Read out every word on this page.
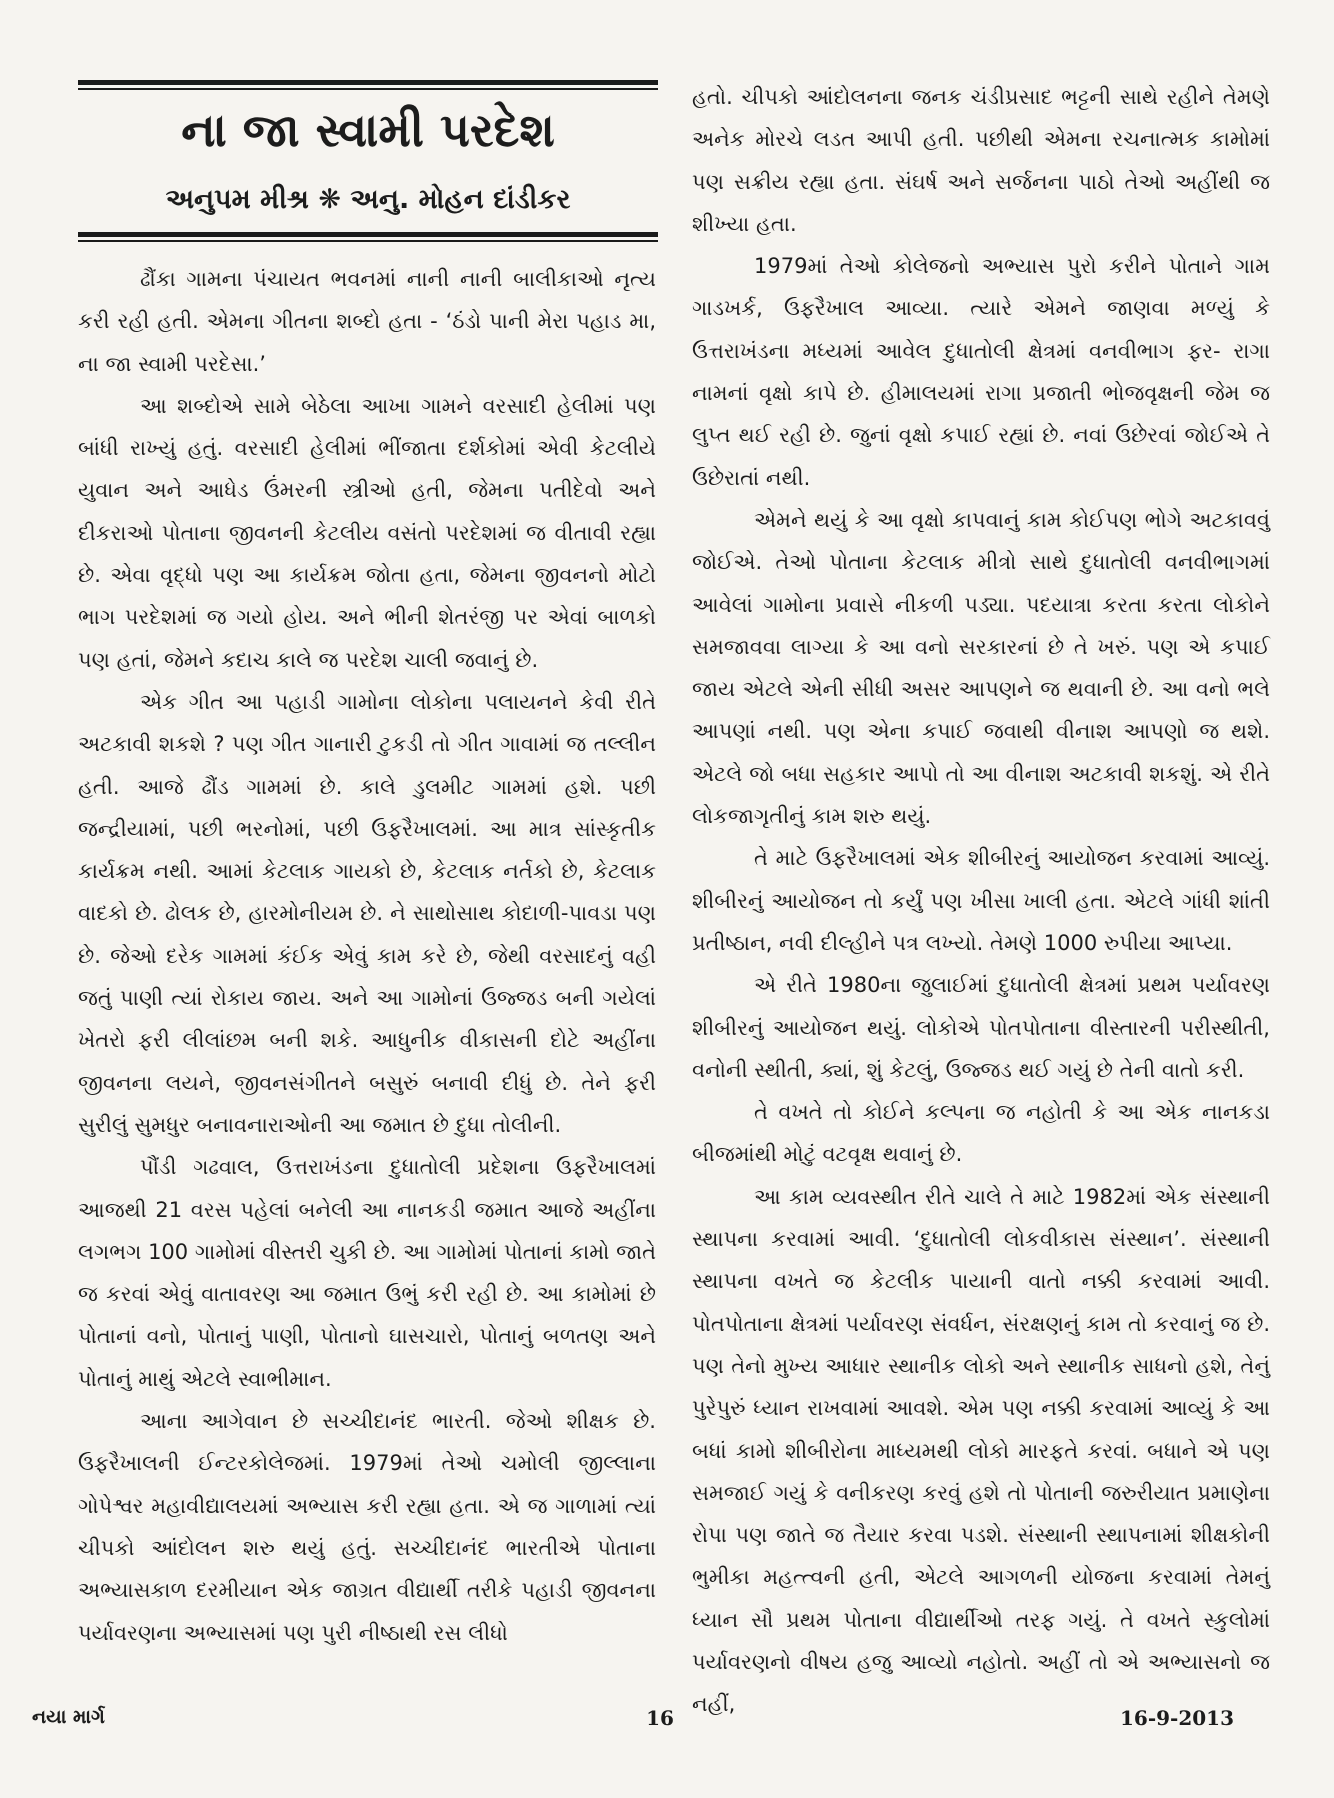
ના જા સ્વામી પરદેશ
અનુપમ મીશ્ર ❋ અનુ. મોહન દાંડીકર

ઢૌંકા ગામના પંચાયત ભવનમાં નાની નાની બાલીકાઓ નૃત્ય કરી રહી હતી. એમના ગીતના શબ્દો હતા - ‘ઠંડો પાની મેરા પહાડ મા, ના જા સ્વામી પરદેસા.’

આ શબ્દોએ સામે બેઠેલા આખા ગામને વરસાદી હેલીમાં પણ બાંધી રાખ્યું હતું. વરસાદી હેલીમાં ભીંજાતા દર્શકોમાં એવી કેટલીયે યુવાન અને આધેડ ઉંમરની સ્ત્રીઓ હતી, જેમના પતીદેવો અને દીકરાઓ પોતાના જીવનની કેટલીય વસંતો પરદેશમાં જ વીતાવી રહ્યા છે. એવા વૃદ્ધો પણ આ કાર્યક્રમ જોતા હતા, જેમના જીવનનો મોટો ભાગ પરદેશમાં જ ગયો હોય. અને ભીની શેતરંજી પર એવાં બાળકો પણ હતાં, જેમને કદાચ કાલે જ પરદેશ ચાલી જવાનું છે.

એક ગીત આ પહાડી ગામોના લોકોના પલાયનને કેવી રીતે અટકાવી શકશે ? પણ ગીત ગાનારી ટુકડી તો ગીત ગાવામાં જ તલ્લીન હતી. આજે ઢૌંડ ગામમાં છે. કાલે ડુલમીટ ગામમાં હશે. પછી જન્દ્રીયામાં, પછી ભરનોમાં, પછી ઉફરૈખાલમાં. આ માત્ર સાંસ્કૃતીક કાર્યક્રમ નથી. આમાં કેટલાક ગાયકો છે, કેટલાક નર્તકો છે, કેટલાક વાદકો છે. ઢોલક છે, હારમોનીયમ છે. ને સાથોસાથ કોદાળી-પાવડા પણ છે. જેઓ દરેક ગામમાં કંઈક એવું કામ કરે છે, જેથી વરસાદનું વહી જતું પાણી ત્યાં રોકાય જાય. અને આ ગામોનાં ઉજ્જડ બની ગયેલાં ખેતરો ફરી લીલાંછમ બની શકે. આધુનીક વીકાસની દોટે અહીંના જીવનના લયને, જીવનસંગીતને બસુરું બનાવી દીધું છે. તેને ફરી સુરીલું સુમધુર બનાવનારાઓની આ જમાત છે દુધા તોલીની.

પૌંડી ગઢવાલ, ઉત્તરાખંડના દુધાતોલી પ્રદેશના ઉફરૈખાલમાં આજથી 21 વરસ પહેલાં બનેલી આ નાનકડી જમાત આજે અહીંના લગભગ 100 ગામોમાં વીસ્તરી ચુકી છે. આ ગામોમાં પોતાનાં કામો જાતે જ કરવાં એવું વાતાવરણ આ જમાત ઉભું કરી રહી છે. આ કામોમાં છે પોતાનાં વનો, પોતાનું પાણી, પોતાનો ઘાસચારો, પોતાનું બળતણ અને પોતાનું માથું એટલે સ્વાભીમાન.

આના આગેવાન છે સચ્ચીદાનંદ ભારતી. જેઓ શીક્ષક છે. ઉફરૈખાલની ઈન્ટરકોલેજમાં. 1979માં તેઓ ચમોલી જીલ્લાના ગોપેશ્વર મહાવીદ્યાલયમાં અભ્યાસ કરી રહ્યા હતા. એ જ ગાળામાં ત્યાં ચીપકો આંદોલન શરુ થયું હતું. સચ્ચીદાનંદ ભારતીએ પોતાના અભ્યાસકાળ દરમીયાન એક જાગ્રત વીદ્યાર્થી તરીકે પહાડી જીવનના પર્યાવરણના અભ્યાસમાં પણ પુરી નીષ્ઠાથી રસ લીધો

હતો. ચીપકો આંદોલનના જનક ચંડીપ્રસાદ ભટ્ટની સાથે રહીને તેમણે અનેક મોરચે લડત આપી હતી. પછીથી એમના રચનાત્મક કામોમાં પણ સક્રીય રહ્યા હતા. સંઘર્ષ અને સર્જનના પાઠો તેઓ અહીંથી જ શીખ્યા હતા.

1979માં તેઓ કોલેજનો અભ્યાસ પુરો કરીને પોતાને ગામ ગાડખર્ક, ઉફરૈખાલ આવ્યા. ત્યારે એમને જાણવા મળ્યું કે ઉત્તરાખંડના મધ્યમાં આવેલ દુધાતોલી ક્ષેત્રમાં વનવીભાગ ફર- રાગા નામનાં વૃક્ષો કાપે છે. હીમાલયમાં રાગા પ્રજાતી ભોજવૃક્ષની જેમ જ લુપ્ત થઈ રહી છે. જુનાં વૃક્ષો કપાઈ રહ્યાં છે. નવાં ઉછેરવાં જોઈએ તે ઉછેરાતાં નથી.

એમને થયું કે આ વૃક્ષો કાપવાનું કામ કોઈપણ ભોગે અટકાવવું જોઈએ. તેઓ પોતાના કેટલાક મીત્રો સાથે દુધાતોલી વનવીભાગમાં આવેલાં ગામોના પ્રવાસે નીકળી પડ્યા. પદયાત્રા કરતા કરતા લોકોને સમજાવવા લાગ્યા કે આ વનો સરકારનાં છે તે ખરું. પણ એ કપાઈ જાય એટલે એની સીધી અસર આપણને જ થવાની છે. આ વનો ભલે આપણાં નથી. પણ એના કપાઈ જવાથી વીનાશ આપણો જ થશે. એટલે જો બધા સહકાર આપો તો આ વીનાશ અટકાવી શકશું. એ રીતે લોકજાગૃતીનું કામ શરુ થયું.

તે માટે ઉફરૈખાલમાં એક શીબીરનું આયોજન કરવામાં આવ્યું. શીબીરનું આયોજન તો કર્યું પણ ખીસા ખાલી હતા. એટલે ગાંધી શાંતી પ્રતીષ્ઠાન, નવી દીલ્હીને પત્ર લખ્યો. તેમણે 1000 રુપીયા આપ્યા.

એ રીતે 1980ના જુલાઈમાં દુધાતોલી ક્ષેત્રમાં પ્રથમ પર્યાવરણ શીબીરનું આયોજન થયું. લોકોએ પોતપોતાના વીસ્તારની પરીસ્થીતી, વનોની સ્થીતી, ક્યાં, શું કેટલું, ઉજ્જડ થઈ ગયું છે તેની વાતો કરી.

તે વખતે તો કોઈને કલ્પના જ નહોતી કે આ એક નાનકડા બીજમાંથી મોટું વટવૃક્ષ થવાનું છે.

આ કામ વ્યવસ્થીત રીતે ચાલે તે માટે 1982માં એક સંસ્થાની સ્થાપના કરવામાં આવી. ‘દુધાતોલી લોકવીકાસ સંસ્થાન’. સંસ્થાની સ્થાપના વખતે જ કેટલીક પાયાની વાતો નક્કી કરવામાં આવી. પોતપોતાના ક્ષેત્રમાં પર્યાવરણ સંવર્ધન, સંરક્ષણનું કામ તો કરવાનું જ છે. પણ તેનો મુખ્ય આધાર સ્થાનીક લોકો અને સ્થાનીક સાધનો હશે, તેનું પુરેપુરું ધ્યાન રાખવામાં આવશે. એમ પણ નક્કી કરવામાં આવ્યું કે આ બધાં કામો શીબીરોના માધ્યમથી લોકો મારફતે કરવાં. બધાને એ પણ સમજાઈ ગયું કે વનીકરણ કરવું હશે તો પોતાની જરુરીયાત પ્રમાણેના રોપા પણ જાતે જ તૈયાર કરવા પડશે. સંસ્થાની સ્થાપનામાં શીક્ષકોની ભુમીકા મહત્ત્વની હતી, એટલે આગળની યોજના કરવામાં તેમનું ધ્યાન સૌ પ્રથમ પોતાના વીદ્યાર્થીઓ તરફ ગયું. તે વખતે સ્કુલોમાં પર્યાવરણનો વીષય હજુ આવ્યો નહોતો. અહીં તો એ અભ્યાસનો જ નહીં,

નયા માર્ગ	16	16-9-2013
